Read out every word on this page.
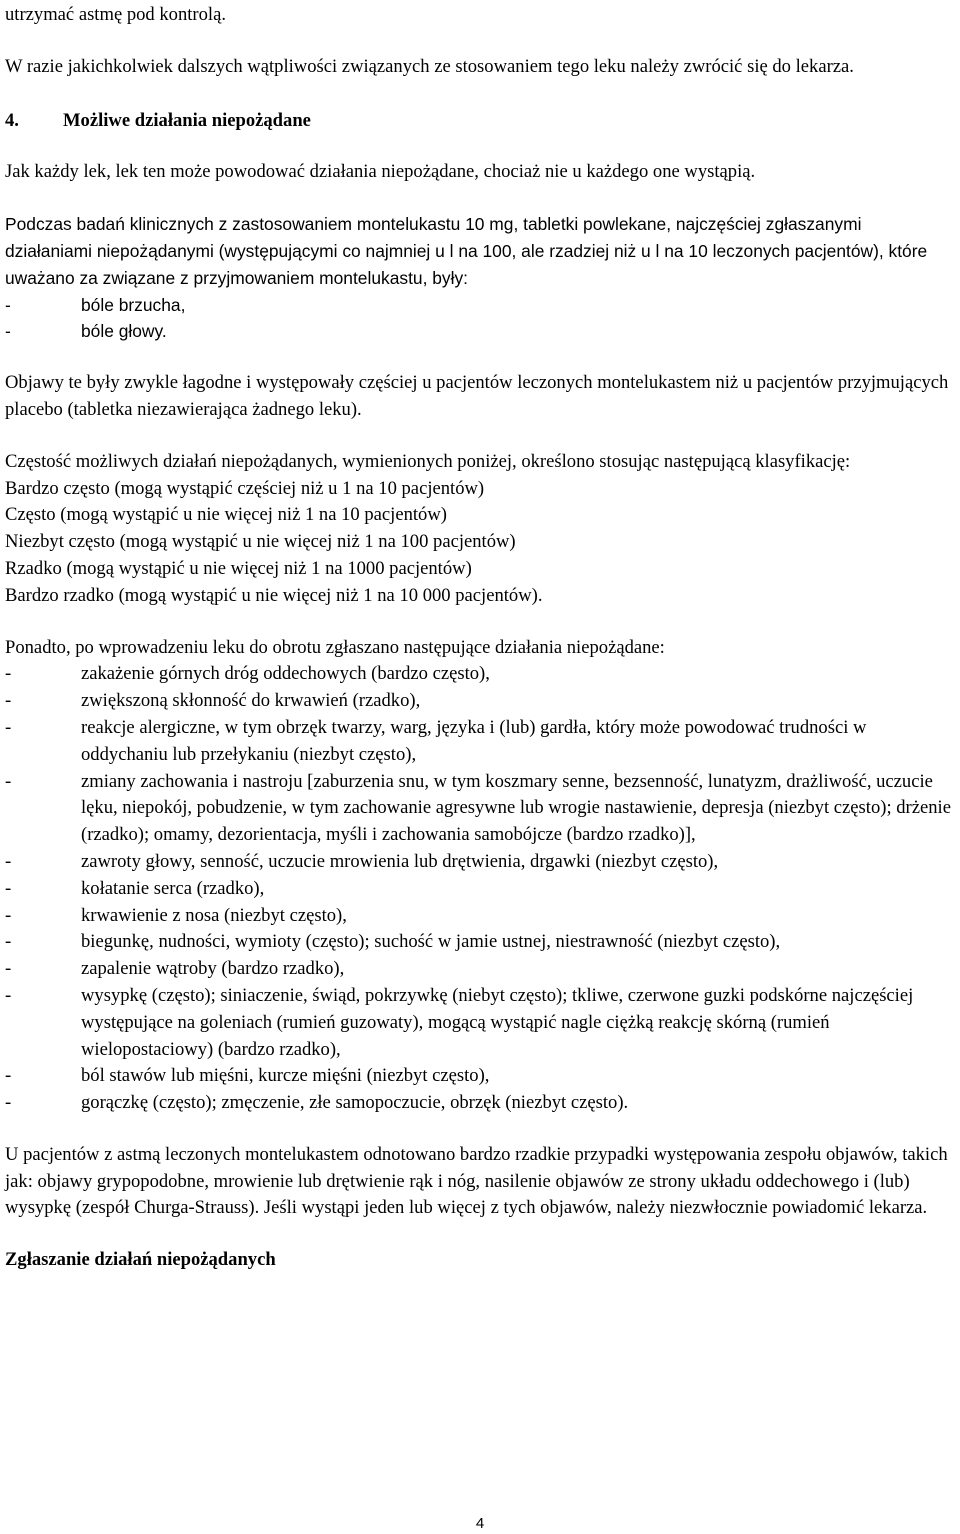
utrzymać astmę pod kontrolą.

W razie jakichkolwiek dalszych wątpliwości związanych ze stosowaniem tego leku należy zwrócić się do lekarza.

4. Możliwe działania niepożądane

Jak każdy lek, lek ten może powodować działania niepożądane, chociaż nie u każdego one wystąpią.

Podczas badań klinicznych z zastosowaniem montelukastu 10 mg, tabletki powlekane, najczęściej zgłaszanymi działaniami niepożądanymi (występującymi co najmniej u l na 100, ale rzadziej niż u l na 10 leczonych pacjentów), które uważano za związane z przyjmowaniem montelukastu, były:

-	bóle brzucha,
-	bóle głowy.

Objawy te były zwykle łagodne i występowały częściej u pacjentów leczonych montelukastem niż u pacjentów przyjmujących placebo (tabletka niezawierająca żadnego leku).

Częstość możliwych działań niepożądanych, wymienionych poniżej, określono stosując następującą klasyfikację:

Bardzo często (mogą wystąpić częściej niż u 1 na 10 pacjentów)

Często (mogą wystąpić u nie więcej niż 1 na 10 pacjentów)

Niezbyt często (mogą wystąpić u nie więcej niż 1 na 100 pacjentów)

Rzadko (mogą wystąpić u nie więcej niż 1 na 1000 pacjentów)

Bardzo rzadko (mogą wystąpić u nie więcej niż 1 na 10 000 pacjentów).

Ponadto, po wprowadzeniu leku do obrotu zgłaszano następujące działania niepożądane:

-	zakażenie górnych dróg oddechowych (bardzo często),
-	zwiększoną skłonność do krwawień (rzadko),
-	reakcje alergiczne, w tym obrzęk twarzy, warg, języka i (lub) gardła, który może powodować trudności w oddychaniu lub przełykaniu (niezbyt często),
-	zmiany zachowania i nastroju [zaburzenia snu, w tym koszmary senne, bezsenność, lunatyzm, drażliwość, uczucie lęku, niepokój, pobudzenie, w tym zachowanie agresywne lub wrogie nastawienie, depresja (niezbyt często); drżenie (rzadko); omamy, dezorientacja, myśli i zachowania samobójcze (bardzo rzadko)],
-	zawroty głowy, senność, uczucie mrowienia lub drętwienia, drgawki (niezbyt często),
-	kołatanie serca (rzadko),
-	krwawienie z nosa (niezbyt często),
-	biegunkę, nudności, wymioty (często); suchość w jamie ustnej, niestrawność (niezbyt często),
-	zapalenie wątroby (bardzo rzadko),
-	wysypkę (często); siniaczenie, świąd, pokrzywkę (niebyt często); tkliwe, czerwone guzki podskórne najczęściej występujące na goleniach (rumień guzowaty), mogącą wystąpić nagle ciężką reakcję skórną (rumień wielopostaciowy) (bardzo rzadko),
-	ból stawów lub mięśni, kurcze mięśni (niezbyt często),
-	gorączkę (często); zmęczenie, złe samopoczucie, obrzęk (niezbyt często).

U pacjentów z astmą leczonych montelukastem odnotowano bardzo rzadkie przypadki występowania zespołu objawów, takich jak: objawy grypopodobne, mrowienie lub drętwienie rąk i nóg, nasilenie objawów ze strony układu oddechowego i (lub) wysypkę (zespół Churga-Strauss). Jeśli wystąpi jeden lub więcej z tych objawów, należy niezwłocznie powiadomić lekarza.

Zgłaszanie działań niepożądanych

4
